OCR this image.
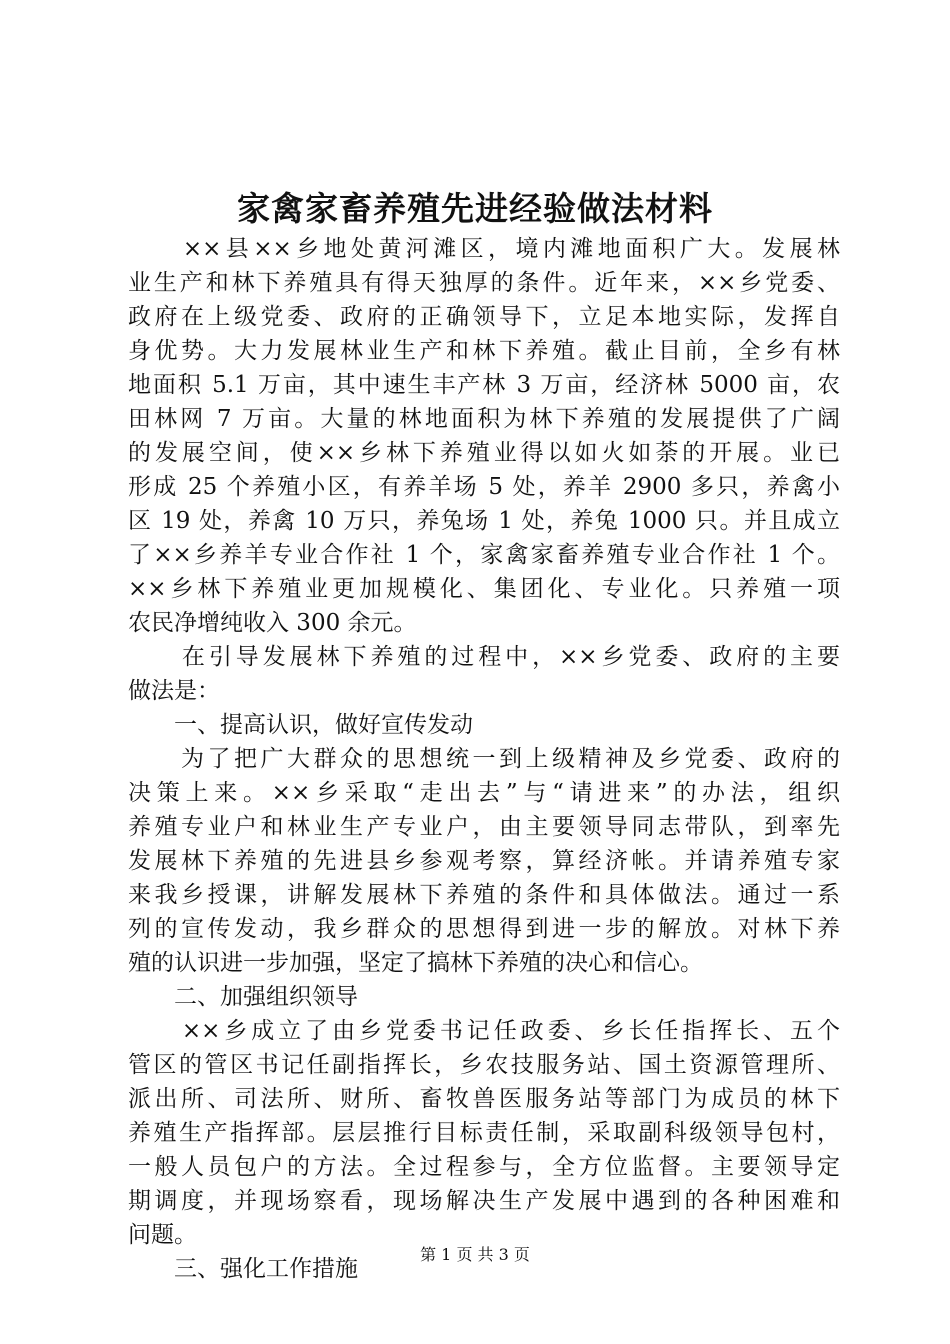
家禽家畜养殖先进经验做法材料
　　××县××乡地处黄河滩区，境内滩地面积广大。发展林
业生产和林下养殖具有得天独厚的条件。近年来，××乡党委、
政府在上级党委、政府的正确领导下，立足本地实际，发挥自
身优势。大力发展林业生产和林下养殖。截止目前，全乡有林
地面积 5.1 万亩，其中速生丰产林 3 万亩，经济林 5000 亩，农
田林网 7 万亩。大量的林地面积为林下养殖的发展提供了广阔
的发展空间，使××乡林下养殖业得以如火如荼的开展。业已
形成 25 个养殖小区，有养羊场 5 处，养羊 2900 多只，养禽小
区 19 处，养禽 10 万只，养兔场 1 处，养兔 1000 只。并且成立
了××乡养羊专业合作社 1 个，家禽家畜养殖专业合作社 1 个。
××乡林下养殖业更加规模化、集团化、专业化。只养殖一项
农民净增纯收入 300 余元。
　　在引导发展林下养殖的过程中，××乡党委、政府的主要
做法是：
　　一、提高认识，做好宣传发动
　　为了把广大群众的思想统一到上级精神及乡党委、政府的
决策上来。××乡采取“走出去”与“请进来”的办法，组织
养殖专业户和林业生产专业户，由主要领导同志带队，到率先
发展林下养殖的先进县乡参观考察，算经济帐。并请养殖专家
来我乡授课，讲解发展林下养殖的条件和具体做法。通过一系
列的宣传发动，我乡群众的思想得到进一步的解放。对林下养
殖的认识进一步加强，坚定了搞林下养殖的决心和信心。
　　二、加强组织领导
　　××乡成立了由乡党委书记任政委、乡长任指挥长、五个
管区的管区书记任副指挥长，乡农技服务站、国土资源管理所、
派出所、司法所、财所、畜牧兽医服务站等部门为成员的林下
养殖生产指挥部。层层推行目标责任制，采取副科级领导包村，
一般人员包户的方法。全过程参与，全方位监督。主要领导定
期调度，并现场察看，现场解决生产发展中遇到的各种困难和
问题。
　　三、强化工作措施
第 1 页 共 3 页
